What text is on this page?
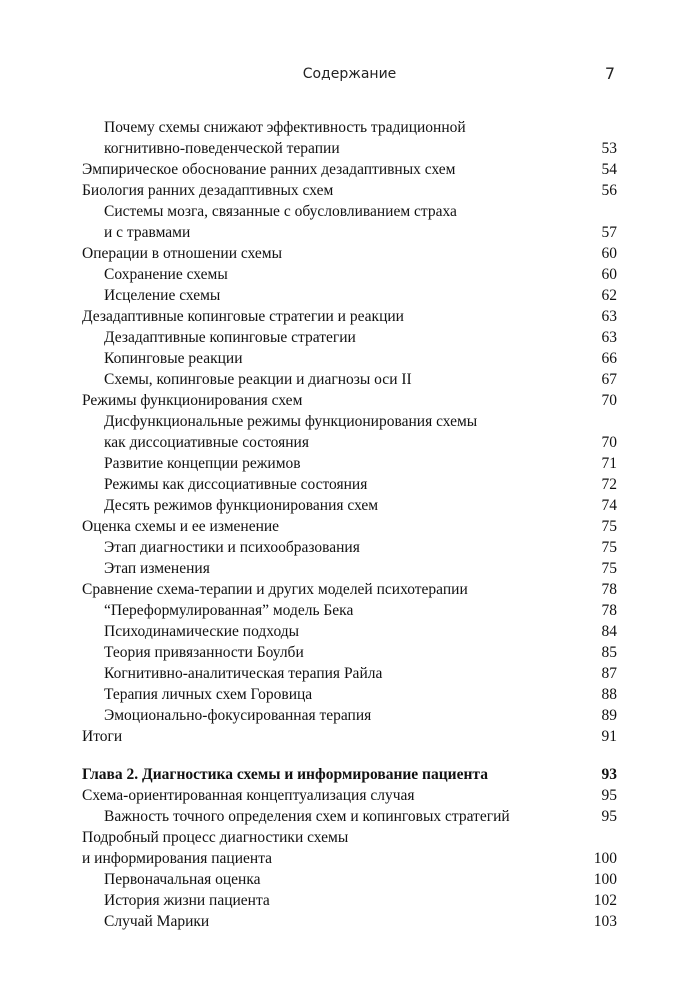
Содержание	7
Почему схемы снижают эффективность традиционной
когнитивно-поведенческой терапии	53
Эмпирическое обоснование ранних дезадаптивных схем	54
Биология ранних дезадаптивных схем	56
Системы мозга, связанные с обусловливанием страха
и с травмами	57
Операции в отношении схемы	60
Сохранение схемы	60
Исцеление схемы	62
Дезадаптивные копинговые стратегии и реакции	63
Дезадаптивные копинговые стратегии	63
Копинговые реакции	66
Схемы, копинговые реакции и диагнозы оси II	67
Режимы функционирования схем	70
Дисфункциональные режимы функционирования схемы
как диссоциативные состояния	70
Развитие концепции режимов	71
Режимы как диссоциативные состояния	72
Десять режимов функционирования схем	74
Оценка схемы и ее изменение	75
Этап диагностики и психообразования	75
Этап изменения	75
Сравнение схема-терапии и других моделей психотерапии	78
“Переформулированная” модель Бека	78
Психодинамические подходы	84
Теория привязанности Боулби	85
Когнитивно-аналитическая терапия Райла	87
Терапия личных схем Горовица	88
Эмоционально-фокусированная терапия	89
Итоги	91
Глава 2. Диагностика схемы и информирование пациента	93
Схема-ориентированная концептуализация случая	95
Важность точного определения схем и копинговых стратегий	95
Подробный процесс диагностики схемы
и информирования пациента	100
Первоначальная оценка	100
История жизни пациента	102
Случай Марики	103
